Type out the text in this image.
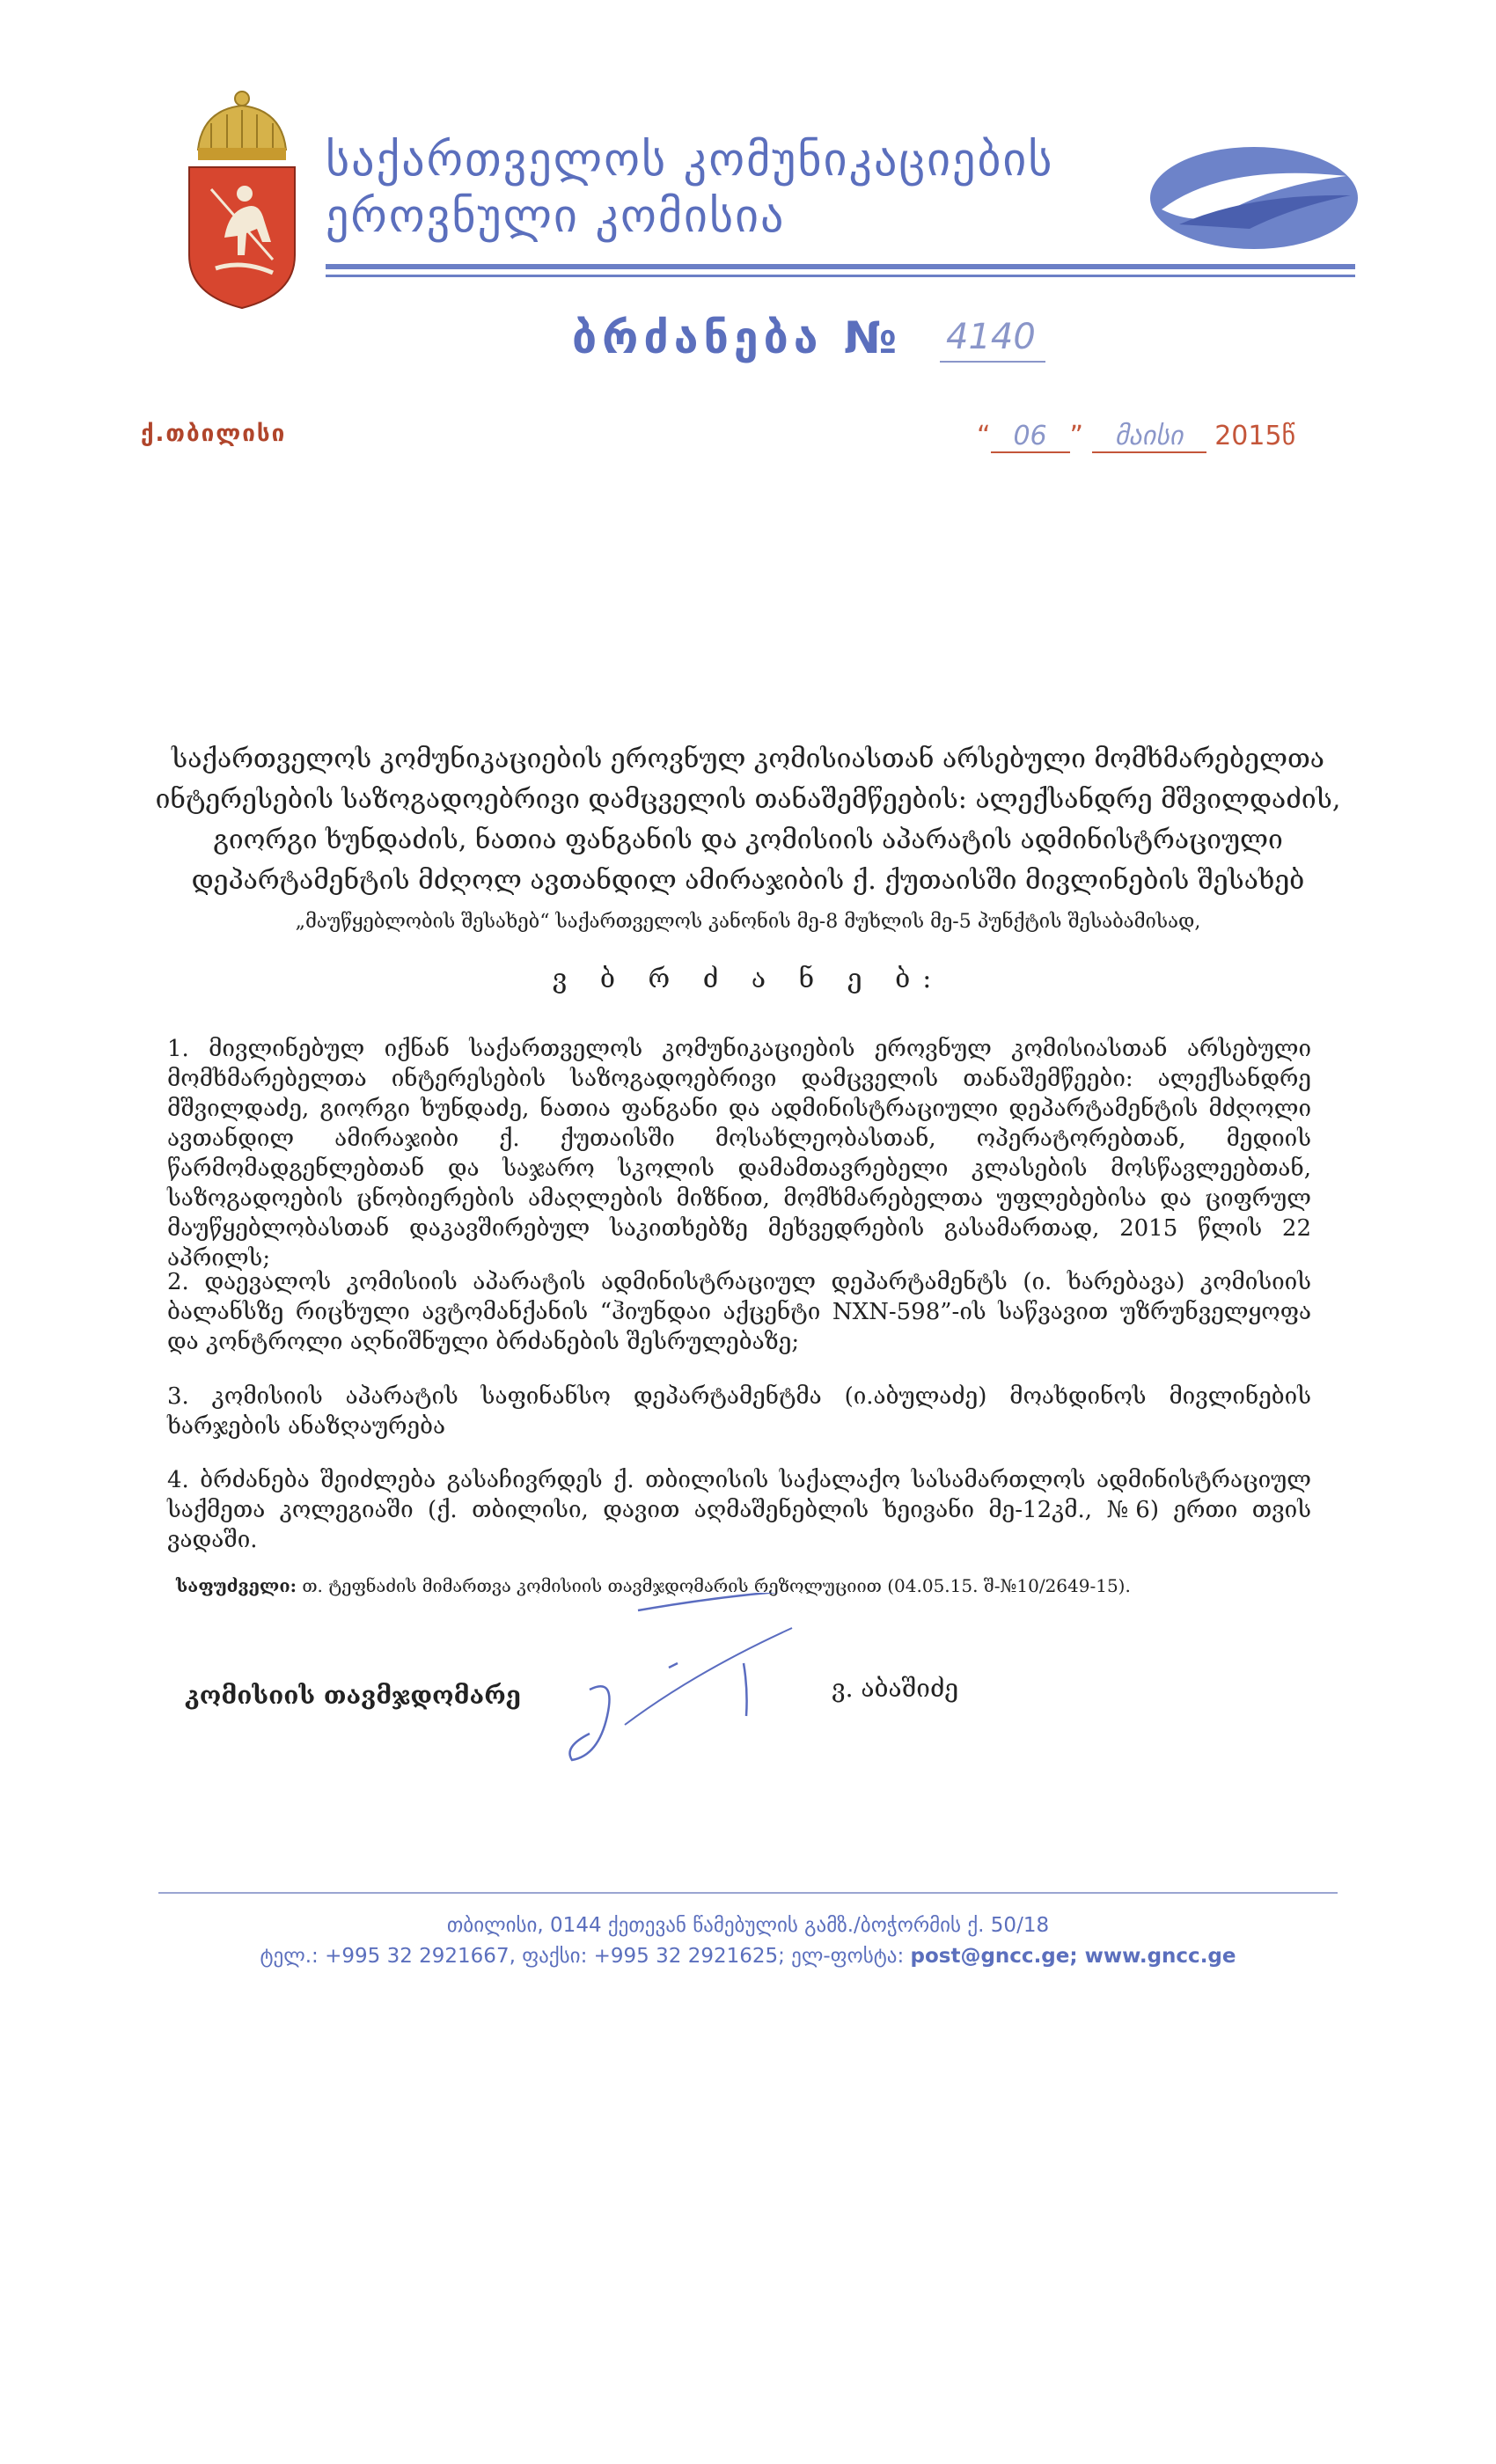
საქართველოს კომუნიკაციების
ეროვნული კომისია
ბრძანება № 4140
ქ.თბილისი	“ 06 ” მაისი 2015წ
საქართველოს კომუნიკაციების ეროვნულ კომისიასთან არსებული მომხმარებელთა ინტერესების საზოგადოებრივი დამცველის თანაშემწეების: ალექსანდრე მშვილდაძის, გიორგი ხუნდაძის, ნათია ფანგანის და კომისიის აპარატის ადმინისტრაციული დეპარტამენტის მძღოლ ავთანდილ ამირაჯიბის ქ. ქუთაისში მივლინების შესახებ
„მაუწყებლობის შესახებ“ საქართველოს კანონის მე-8 მუხლის მე-5 პუნქტის შესაბამისად,
ვ ბ რ ძ ა ნ ე ბ:
1. მივლინებულ იქნან საქართველოს კომუნიკაციების ეროვნულ კომისიასთან არსებული მომხმარებელთა ინტერესების საზოგადოებრივი დამცველის თანაშემწეები: ალექსანდრე მშვილდაძე, გიორგი ხუნდაძე, ნათია ფანგანი და ადმინისტრაციული დეპარტამენტის მძღოლი ავთანდილ ამირაჯიბი ქ. ქუთაისში მოსახლეობასთან, ოპერატორებთან, მედიის წარმომადგენლებთან და საჯარო სკოლის დამამთავრებელი კლასების მოსწავლეებთან, საზოგადოების ცნობიერების ამაღლების მიზნით, მომხმარებელთა უფლებებისა და ციფრულ მაუწყებლობასთან დაკავშირებულ საკითხებზე მეხვედრების გასამართად, 2015 წლის 22 აპრილს;
2. დაევალოს კომისიის აპარატის ადმინისტრაციულ დეპარტამენტს (ი. ხარებავა) კომისიის ბალანსზე რიცხული ავტომანქანის “ჰიუნდაი აქცენტი NXN-598”-ის საწვავით უზრუნველყოფა და კონტროლი აღნიშნული ბრძანების შესრულებაზე;
3. კომისიის აპარატის საფინანსო დეპარტამენტმა (ი.აბულაძე) მოახდინოს მივლინების ხარჯების ანაზღაურება
4. ბრძანება შეიძლება გასაჩივრდეს ქ. თბილისის საქალაქო სასამართლოს ადმინისტრაციულ საქმეთა კოლეგიაში (ქ. თბილისი, დავით აღმაშენებლის ხეივანი მე-12კმ., №6) ერთი თვის ვადაში.
საფუძველი: თ. ტეფნაძის მიმართვა კომისიის თავმჯდომარის რეზოლუციით (04.05.15. შ-№10/2649-15).
კომისიის თავმჯდომარე	ვ. აბაშიძე
თბილისი, 0144 ქეთევან წამებულის გამზ./ბოჭორმის ქ. 50/18
ტელ.: +995 32 2921667, ფაქსი: +995 32 2921625; ელ-ფოსტა: post@gncc.ge; www.gncc.ge
